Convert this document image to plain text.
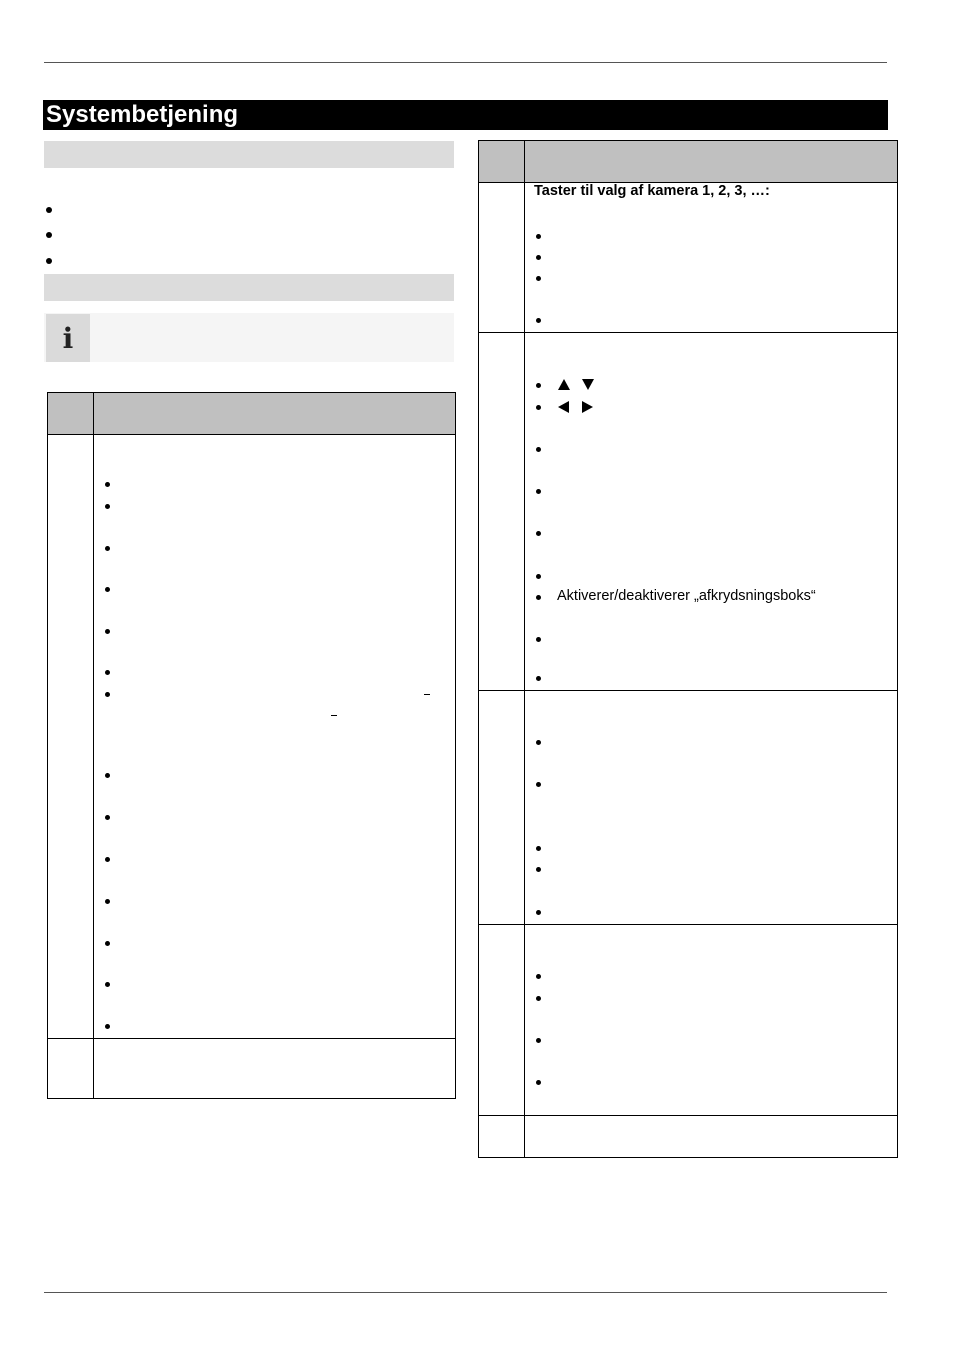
Systembetjening
i
Taster til valg af kamera 1, 2, 3, …:
Aktiverer/deaktiverer „afkrydsningsboks“
